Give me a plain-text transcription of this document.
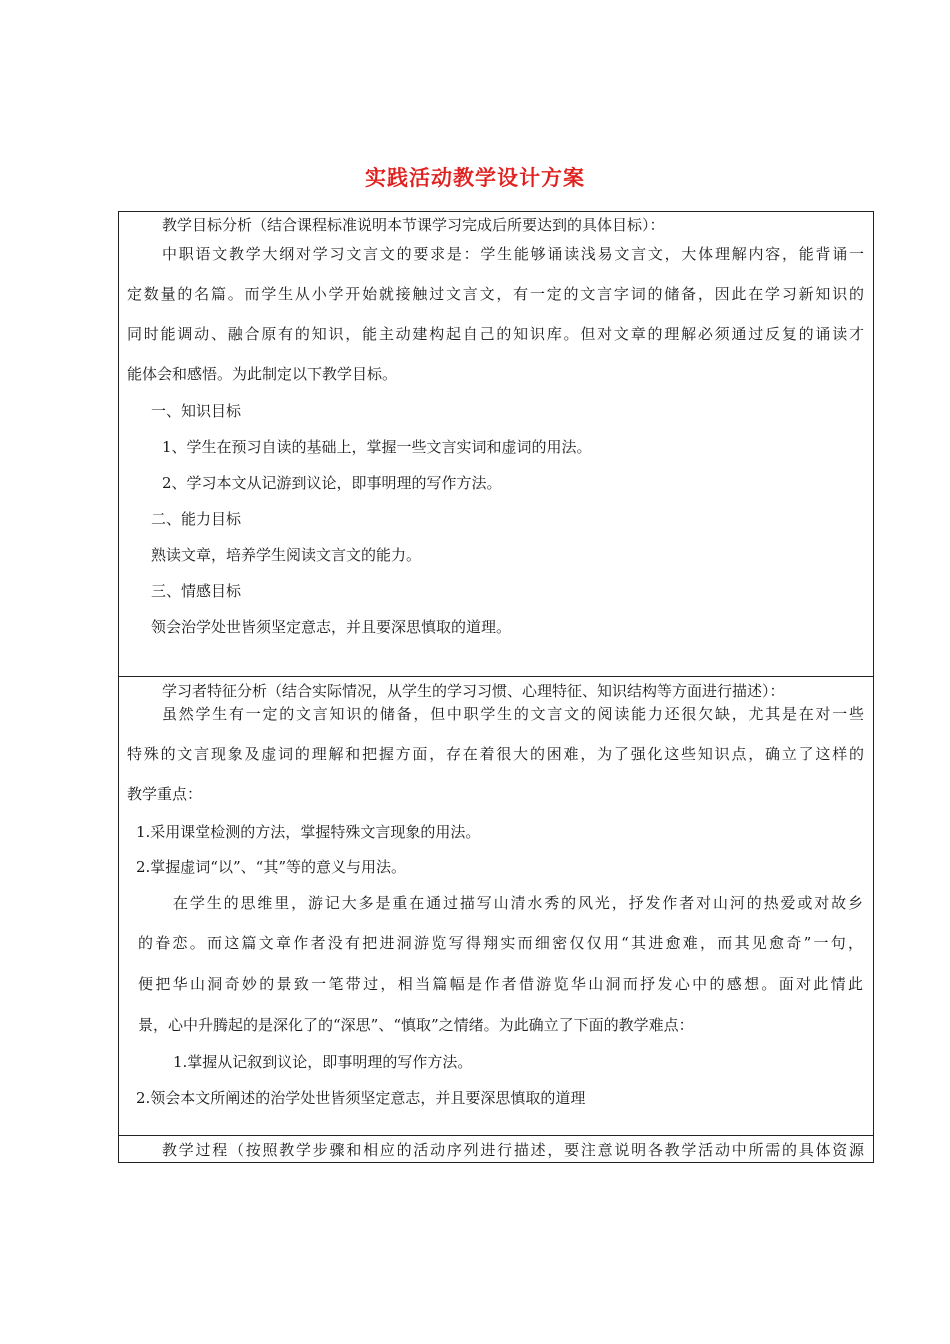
实践活动教学设计方案
教学目标分析（结合课程标准说明本节课学习完成后所要达到的具体目标）：
中职语文教学大纲对学习文言文的要求是：学生能够诵读浅易文言文，大体理解内容，能背诵一
定数量的名篇。而学生从小学开始就接触过文言文，有一定的文言字词的储备，因此在学习新知识的
同时能调动、融合原有的知识，能主动建构起自己的知识库。但对文章的理解必须通过反复的诵读才
能体会和感悟。为此制定以下教学目标。
一、知识目标
1、学生在预习自读的基础上，掌握一些文言实词和虚词的用法。
2、学习本文从记游到议论，即事明理的写作方法。
二、能力目标
熟读文章，培养学生阅读文言文的能力。
三、情感目标
领会治学处世皆须坚定意志，并且要深思慎取的道理。
学习者特征分析（结合实际情况，从学生的学习习惯、心理特征、知识结构等方面进行描述）：
虽然学生有一定的文言知识的储备，但中职学生的文言文的阅读能力还很欠缺，尤其是在对一些
特殊的文言现象及虚词的理解和把握方面，存在着很大的困难，为了强化这些知识点，确立了这样的
教学重点：
1.采用课堂检测的方法，掌握特殊文言现象的用法。
2.掌握虚词“以”、“其”等的意义与用法。
在学生的思维里，游记大多是重在通过描写山清水秀的风光，抒发作者对山河的热爱或对故乡
的眷恋。而这篇文章作者没有把进洞游览写得翔实而细密仅仅用“其进愈难，而其见愈奇”一句，
便把华山洞奇妙的景致一笔带过，相当篇幅是作者借游览华山洞而抒发心中的感想。面对此情此
景，心中升腾起的是深化了的“深思”、“慎取”之情绪。为此确立了下面的教学难点：
1.掌握从记叙到议论，即事明理的写作方法。
2.领会本文所阐述的治学处世皆须坚定意志，并且要深思慎取的道理
教学过程（按照教学步骤和相应的活动序列进行描述，要注意说明各教学活动中所需的具体资源
